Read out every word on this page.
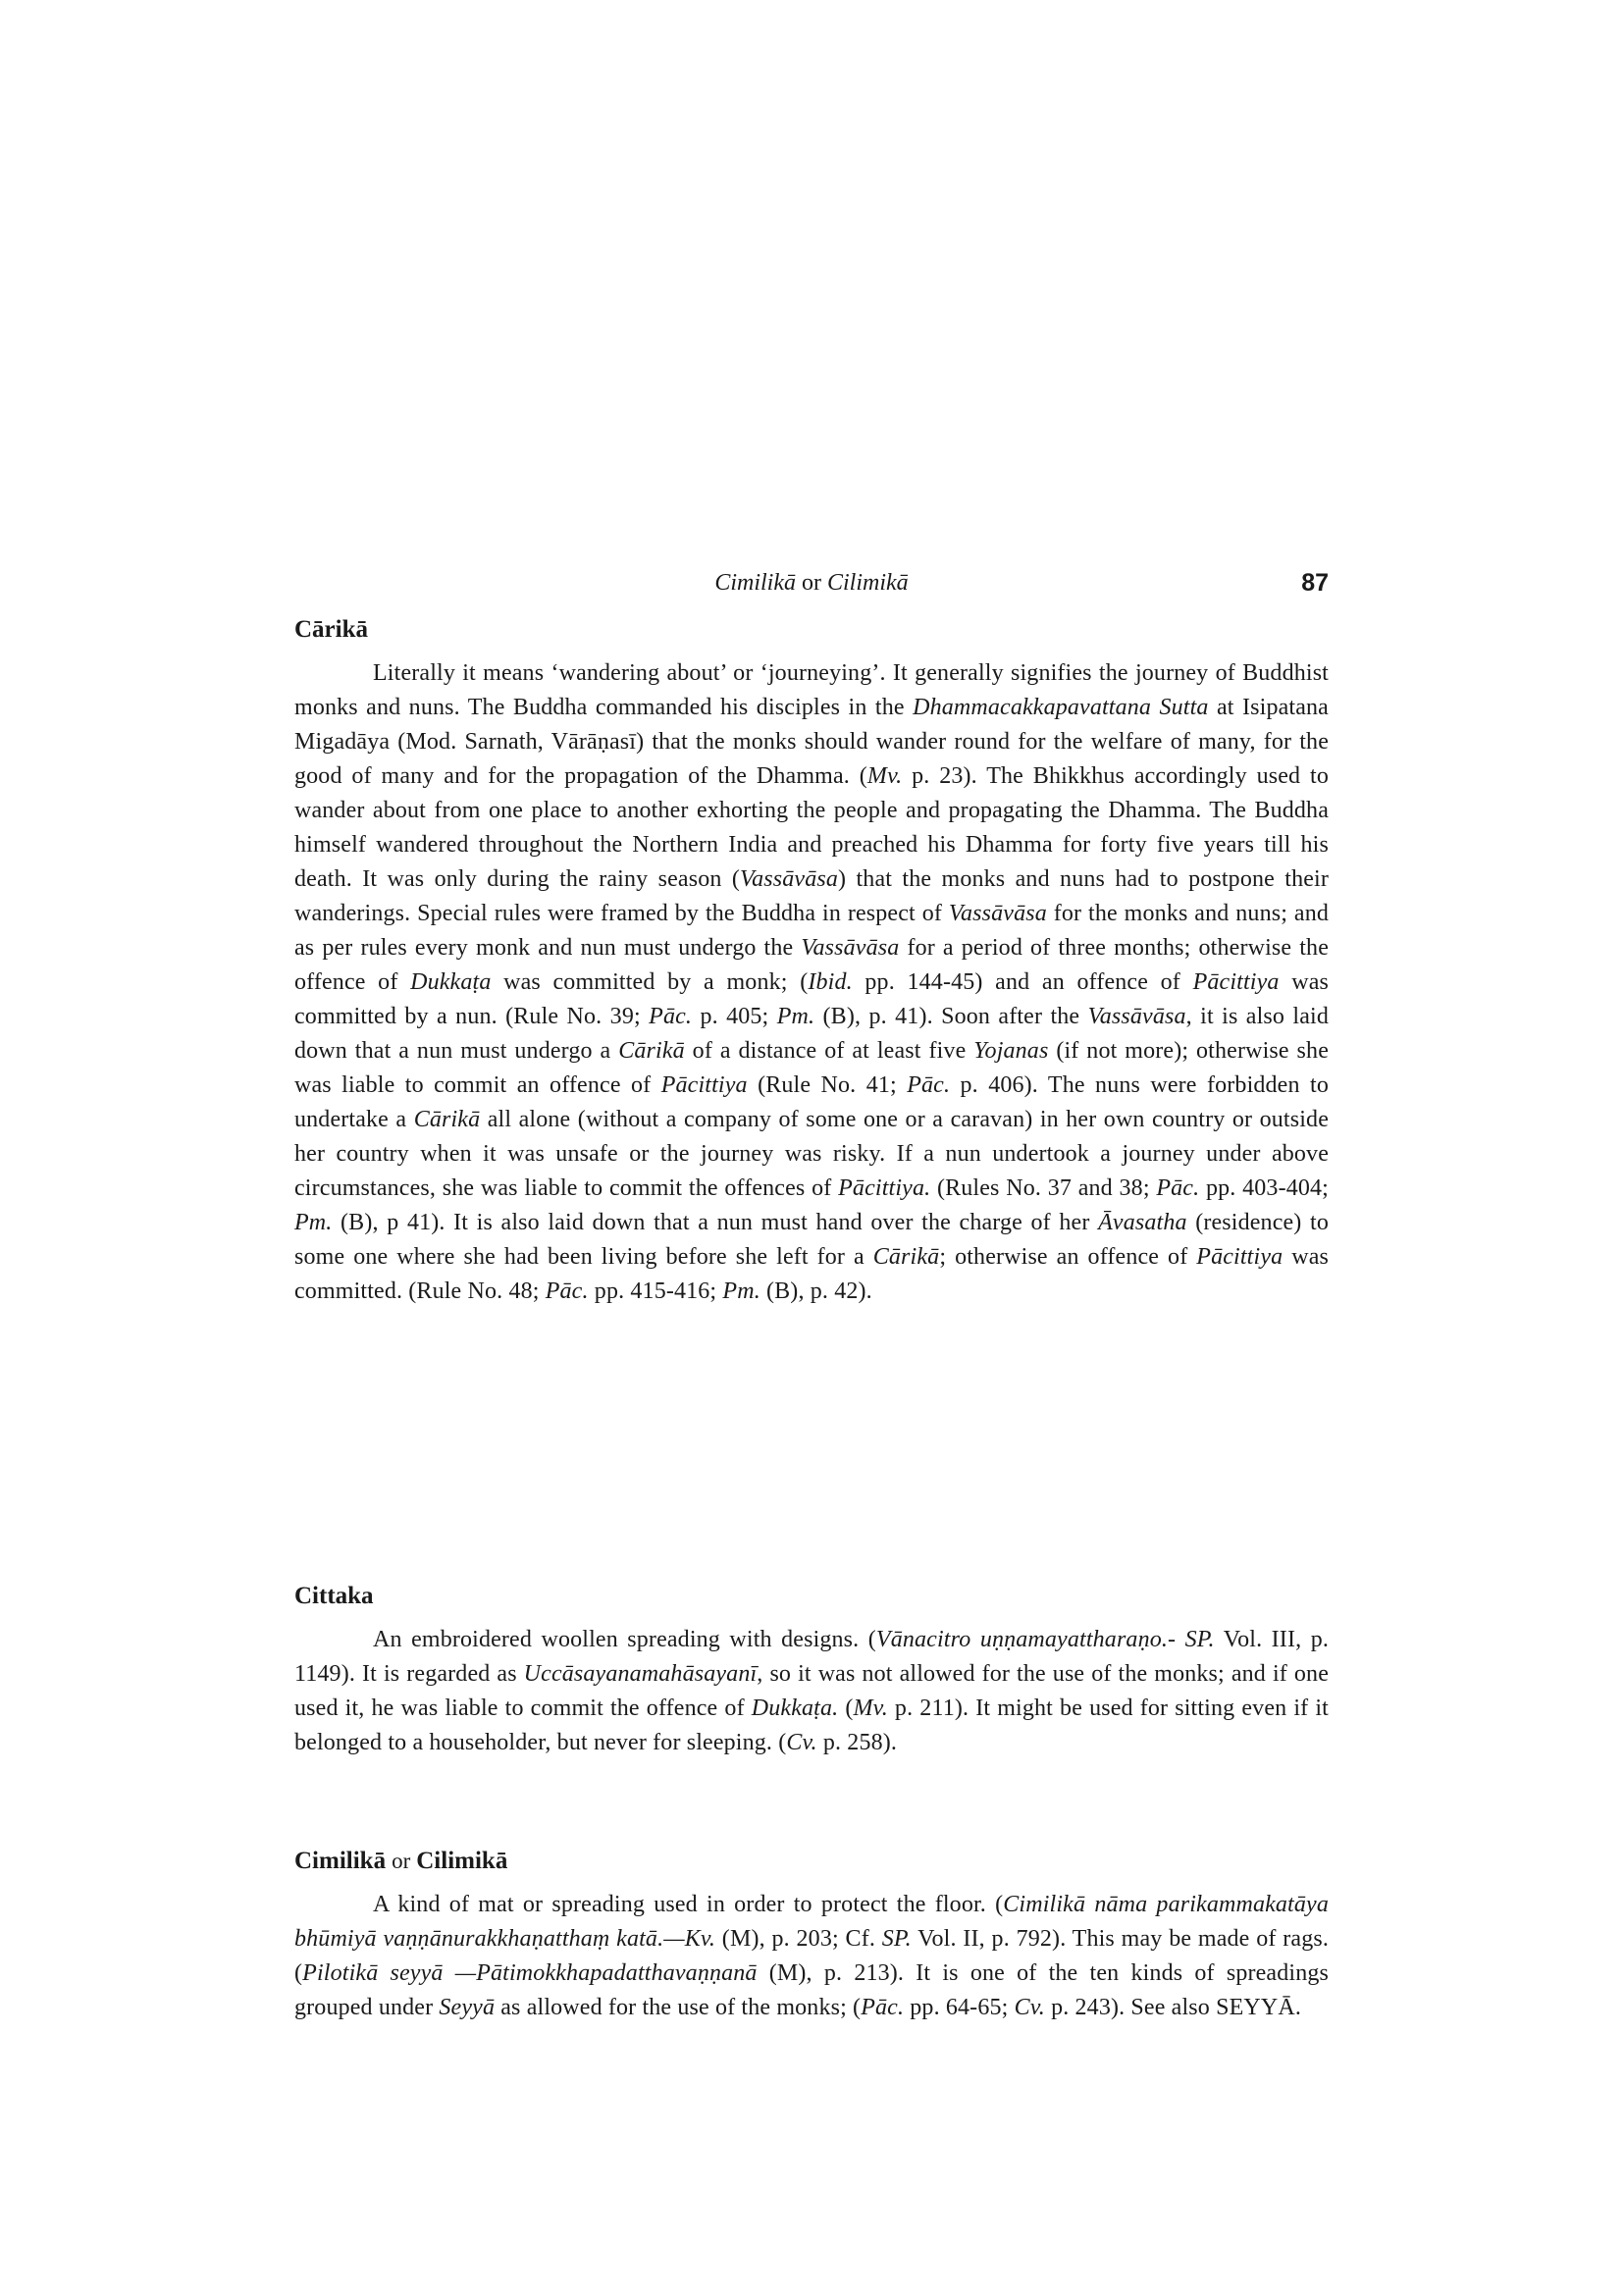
Cimilikā or Cilimikā	87
Cārikā

Literally it means ‘wandering about’ or ‘journeying’. It generally signifies the journey of Buddhist monks and nuns. The Buddha commanded his disciples in the Dhammacakkapavattana Sutta at Isipatana Migadāya (Mod. Sarnath, Vārāṇasī) that the monks should wander round for the welfare of many, for the good of many and for the propagation of the Dhamma. (Mv. p. 23). The Bhikkhus accordingly used to wander about from one place to another exhorting the people and propagating the Dhamma. The Buddha himself wandered throughout the Northern India and preached his Dhamma for forty five years till his death. It was only during the rainy season (Vassāvāsa) that the monks and nuns had to postpone their wanderings. Special rules were framed by the Buddha in respect of Vassāvāsa for the monks and nuns; and as per rules every monk and nun must undergo the Vassāvāsa for a period of three months; otherwise the offence of Dukkaṭa was committed by a monk; (Ibid. pp. 144-45) and an offence of Pācittiya was committed by a nun. (Rule No. 39; Pāc. p. 405; Pm. (B), p. 41). Soon after the Vassāvāsa, it is also laid down that a nun must undergo a Cārikā of a distance of at least five Yojanas (if not more); otherwise she was liable to commit an offence of Pācittiya (Rule No. 41; Pāc. p. 406). The nuns were forbidden to undertake a Cārikā all alone (without a company of some one or a caravan) in her own country or outside her country when it was unsafe or the journey was risky. If a nun undertook a journey under above circumstances, she was liable to commit the offences of Pācittiya. (Rules No. 37 and 38; Pāc. pp. 403-404; Pm. (B), p 41). It is also laid down that a nun must hand over the charge of her Āvasatha (residence) to some one where she had been living before she left for a Cārikā; otherwise an offence of Pācittiya was committed. (Rule No. 48; Pāc. pp. 415-416; Pm. (B), p. 42).

Cittaka

An embroidered woollen spreading with designs. (Vānacitro uṇṇamayattharaṇo.- SP. Vol. III, p. 1149). It is regarded as Uccāsayanamahāsayanī, so it was not allowed for the use of the monks; and if one used it, he was liable to commit the offence of Dukkaṭa. (Mv. p. 211). It might be used for sitting even if it belonged to a householder, but never for sleeping. (Cv. p. 258).

Cimilikā or Cilimikā

A kind of mat or spreading used in order to protect the floor. (Cimilikā nāma parikammakatāya bhūmiyā vaṇṇānurakkhaṇatthaṃ katā.—Kv. (M), p. 203; Cf. SP. Vol. II, p. 792). This may be made of rags. (Pilotikā seyyā —Pātimokkhapadatthavaṇṇanā (M), p. 213). It is one of the ten kinds of spreadings grouped under Seyyā as allowed for the use of the monks; (Pāc. pp. 64-65; Cv. p. 243). See also SEYYĀ.
